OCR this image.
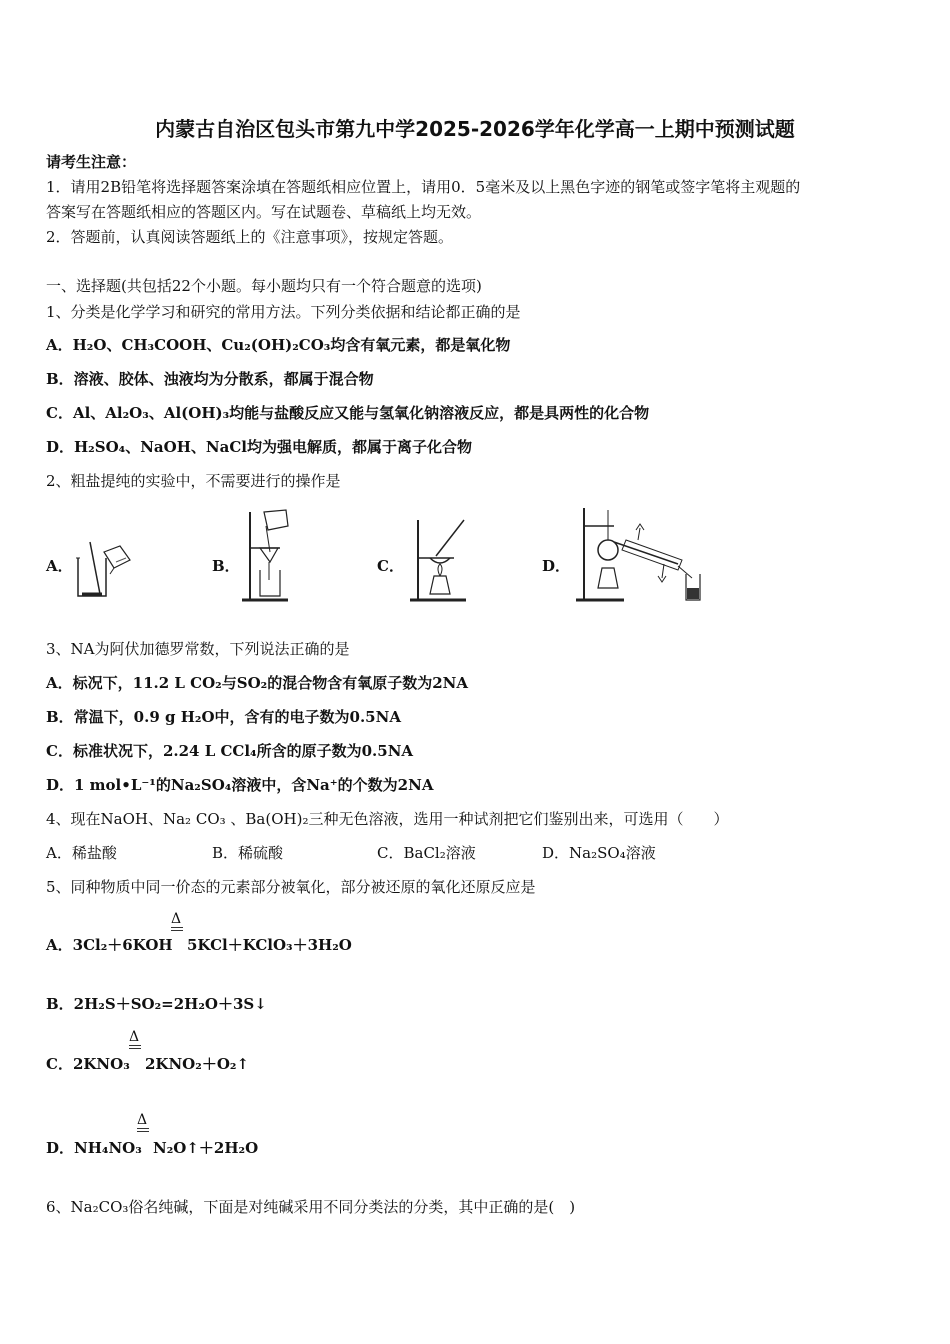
内蒙古自治区包头市第九中学2025-2026学年化学高一上期中预测试题
请考生注意：
1．请用2B铅笔将选择题答案涂填在答题纸相应位置上，请用0．5毫米及以上黑色字迹的钢笔或签字笔将主观题的
答案写在答题纸相应的答题区内。写在试题卷、草稿纸上均无效。
2．答题前，认真阅读答题纸上的《注意事项》，按规定答题。
一、选择题(共包括22个小题。每小题均只有一个符合题意的选项)
1、分类是化学学习和研究的常用方法。下列分类依据和结论都正确的是
A．H₂O、CH₃COOH、Cu₂(OH)₂CO₃均含有氧元素，都是氧化物
B．溶液、胶体、浊液均为分散系，都属于混合物
C．Al、Al₂O₃、Al(OH)₃均能与盐酸反应又能与氢氧化钠溶液反应，都是具两性的化合物
D．H₂SO₄、NaOH、NaCl均为强电解质，都属于离子化合物
2、粗盐提纯的实验中，不需要进行的操作是
A．	B．	C．	D．
3、NA为阿伏加德罗常数，下列说法正确的是
A．标况下，11.2 L CO₂与SO₂的混合物含有氧原子数为2NA
B．常温下，0.9 g H₂O中，含有的电子数为0.5NA
C．标准状况下，2.24 L CCl₄所含的原子数为0.5NA
D．1 mol•L⁻¹的Na₂SO₄溶液中，含Na⁺的个数为2NA
4、现在NaOH、Na₂ CO₃ 、Ba(OH)₂三种无色溶液，选用一种试剂把它们鉴别出来，可选用（　　）
A．稀盐酸	B．稀硫酸	C．BaCl₂溶液	D．Na₂SO₄溶液
5、同种物质中同一价态的元素部分被氧化，部分被还原的氧化还原反应是
Δ
A．3Cl₂＋6KOH 5KCl＋KClO₃＋3H₂O
B．2H₂S＋SO₂=2H₂O＋3S↓
Δ
C．2KNO₃ 2KNO₂＋O₂↑
Δ
D．NH₄NO₃ N₂O↑＋2H₂O
6、Na₂CO₃俗名纯碱，下面是对纯碱采用不同分类法的分类，其中正确的是(　)
